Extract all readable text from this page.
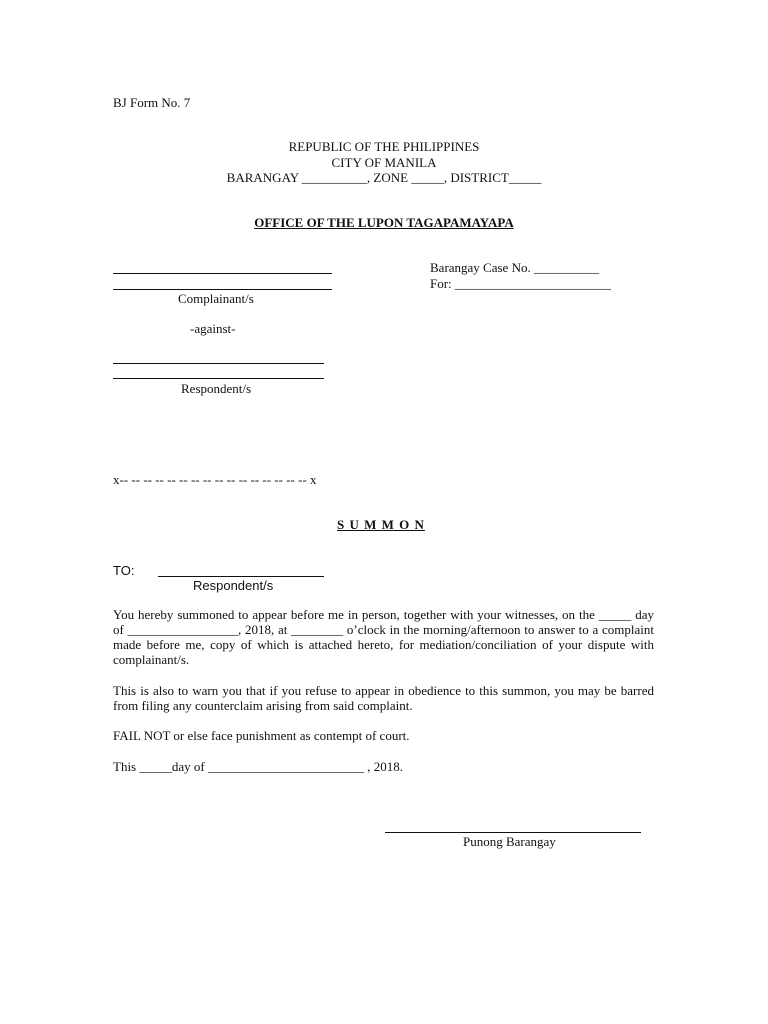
BJ Form No. 7
REPUBLIC OF THE PHILIPPINES
CITY OF MANILA
BARANGAY __________, ZONE _____, DISTRICT_____
OFFICE OF THE LUPON TAGAPAMAYAPA
Complainant/s
Barangay Case No. __________
For: ________________________
-against-
Respondent/s
x-- -- -- -- -- -- -- -- -- -- -- -- -- -- -- -- x
S U M M O N
TO:
Respondent/s
You hereby summoned to appear before me in person, together with your witnesses, on the _____ day of _________________, 2018, at ________ o’clock in the morning/afternoon to answer to a complaint made before me, copy of which is attached hereto, for mediation/conciliation of your dispute with complainant/s.
This is also to warn you that if you refuse to appear in obedience to this summon, you may be barred from filing any counterclaim arising from said complaint.
FAIL NOT or else face punishment as contempt of court.
This _____day of ________________________ , 2018.
Punong Barangay
